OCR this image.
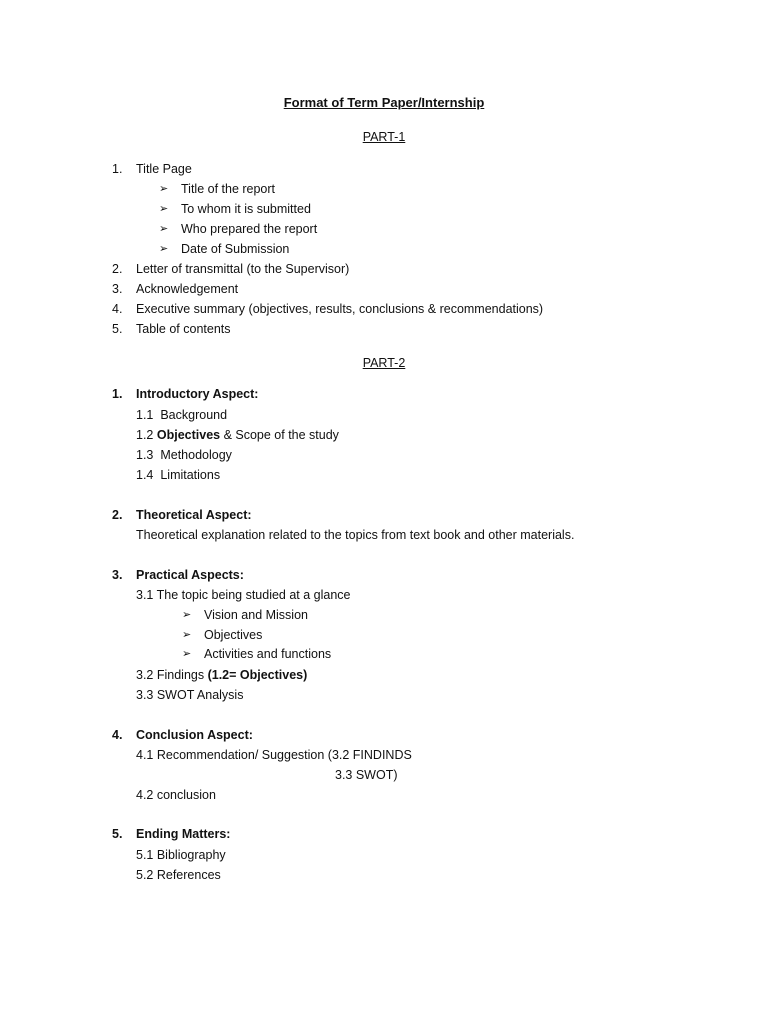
Format of Term Paper/Internship
PART-1
1.	Title Page
➢ Title of the report
➢ To whom it is submitted
➢ Who prepared the report
➢ Date of Submission
2.	Letter of transmittal (to the Supervisor)
3.	Acknowledgement
4.	Executive summary (objectives, results, conclusions & recommendations)
5.	Table of contents
PART-2
1.	Introductory Aspect:
1.1 Background
1.2 Objectives & Scope of the study
1.3 Methodology
1.4 Limitations
2.	Theoretical Aspect:
Theoretical explanation related to the topics from text book and other materials.
3.	Practical Aspects:
3.1 The topic being studied at a glance
➢ Vision and Mission
➢ Objectives
➢ Activities and functions
3.2 Findings (1.2= Objectives)
3.3 SWOT Analysis
4.	Conclusion Aspect:
4.1 Recommendation/ Suggestion (3.2 FINDINDS
3.3 SWOT)
4.2 conclusion
5.	Ending Matters:
5.1 Bibliography
5.2 References
